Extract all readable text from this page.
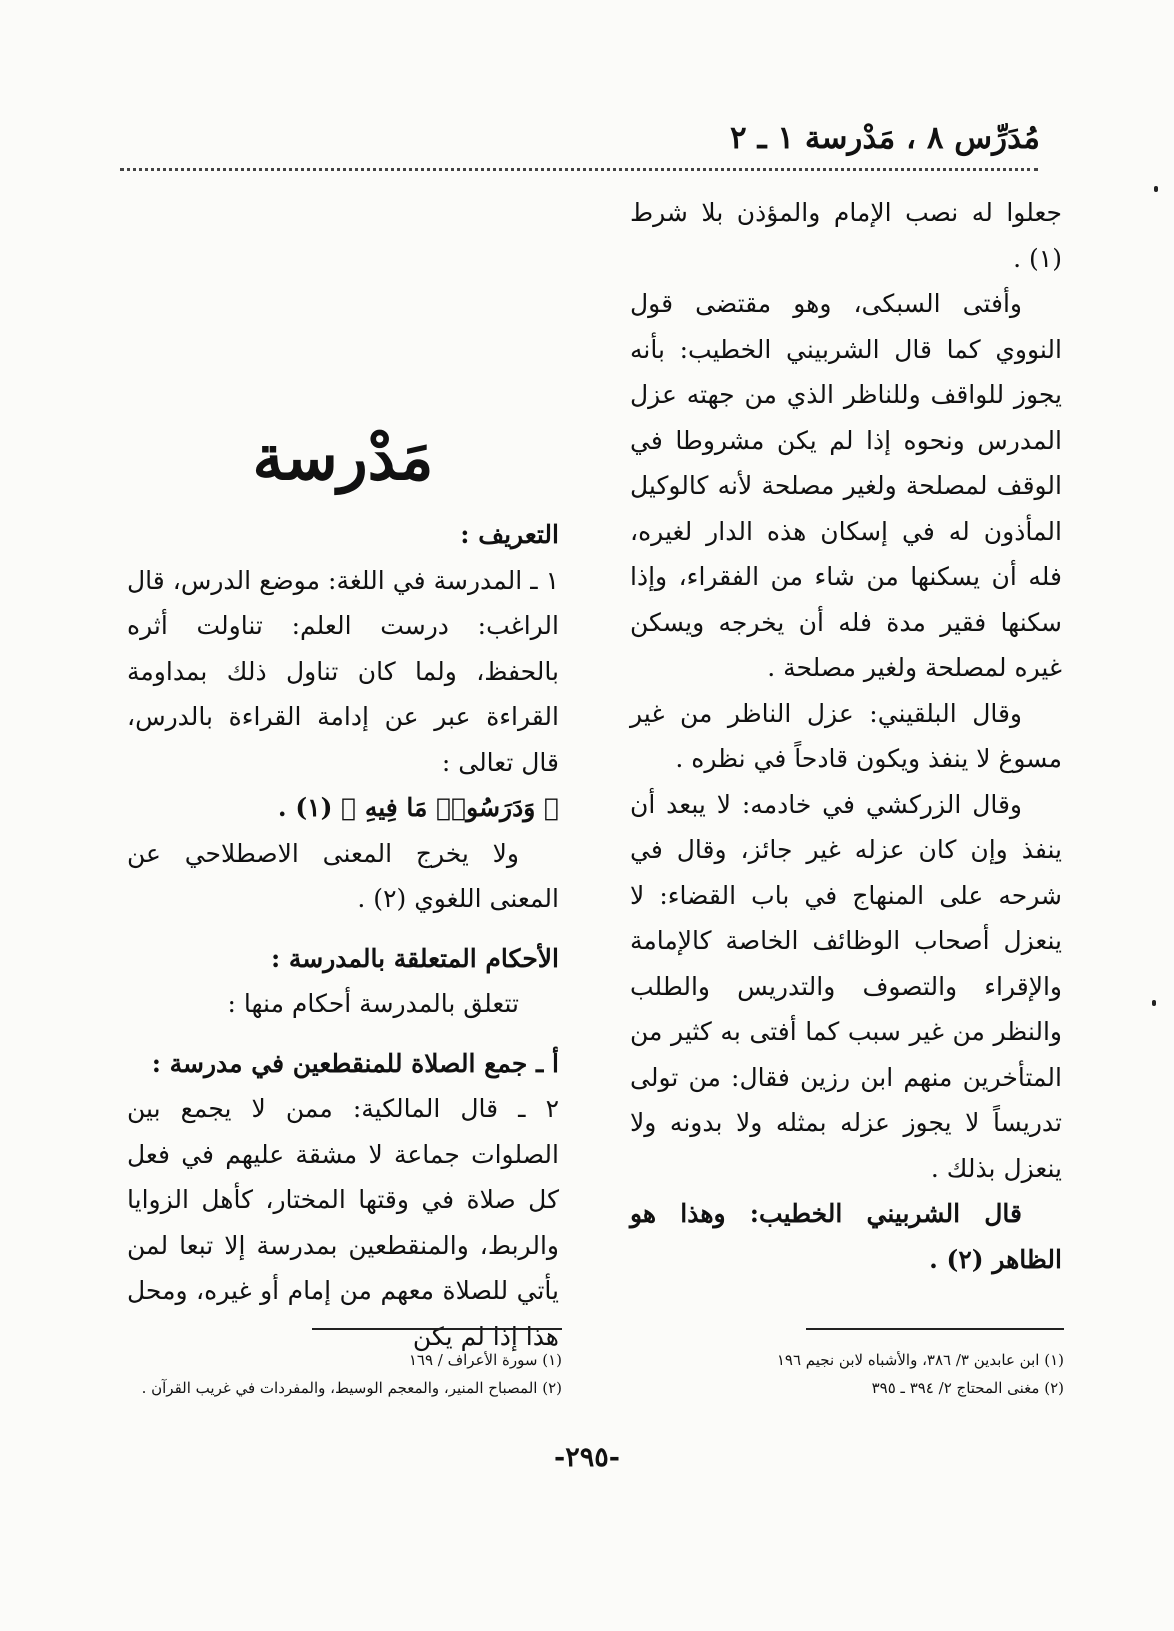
مُدَرِّس ٨ ، مَدْرسة ١ ـ ٢

جعلوا له نصب الإمام والمؤذن بلا شرط (١) .

وأفتى السبكى، وهو مقتضى قول النووي كما قال الشربيني الخطيب: بأنه يجوز للواقف وللناظر الذي من جهته عزل المدرس ونحوه إذا لم يكن مشروطا في الوقف لمصلحة ولغير مصلحة لأنه كالوكيل المأذون له في إسكان هذه الدار لغيره، فله أن يسكنها من شاء من الفقراء، وإذا سكنها فقير مدة فله أن يخرجه ويسكن غيره لمصلحة ولغير مصلحة .

وقال البلقيني: عزل الناظر من غير مسوغ لا ينفذ ويكون قادحاً في نظره .

وقال الزركشي في خادمه: لا يبعد أن ينفذ وإن كان عزله غير جائز، وقال في شرحه على المنهاج في باب القضاء: لا ينعزل أصحاب الوظائف الخاصة كالإمامة والإقراء والتصوف والتدريس والطلب والنظر من غير سبب كما أفتى به كثير من المتأخرين منهم ابن رزين فقال: من تولى تدريساً لا يجوز عزله بمثله ولا بدونه ولا ينعزل بذلك .

قال الشربيني الخطيب: وهذا هو الظاهر (٢) .

مَدْرسة

التعريف :

١ ـ المدرسة في اللغة: موضع الدرس، قال الراغب: درست العلم: تناولت أثره بالحفظ، ولما كان تناول ذلك بمداومة القراءة عبر عن إدامة القراءة بالدرس، قال تعالى :

﴿ وَدَرَسُوا۟ مَا فِيهِ ﴾ (١) .

ولا يخرج المعنى الاصطلاحي عن المعنى اللغوي (٢) .

الأحكام المتعلقة بالمدرسة :

تتعلق بالمدرسة أحكام منها :

أ ـ جمع الصلاة للمنقطعين في مدرسة :

٢ ـ قال المالكية: ممن لا يجمع بين الصلوات جماعة لا مشقة عليهم في فعل كل صلاة في وقتها المختار، كأهل الزوايا والربط، والمنقطعين بمدرسة إلا تبعا لمن يأتي للصلاة معهم من إمام أو غيره، ومحل هذا إذا لم يكن

(١) ابن عابدين ٣/ ٣٨٦، والأشباه لابن نجيم ١٩٦

(٢) مغنى المحتاج ٢/ ٣٩٤ ـ ٣٩٥

(١) سورة الأعراف / ١٦٩

(٢) المصباح المنير، والمعجم الوسيط، والمفردات في غريب القرآن .

-٢٩٥-
